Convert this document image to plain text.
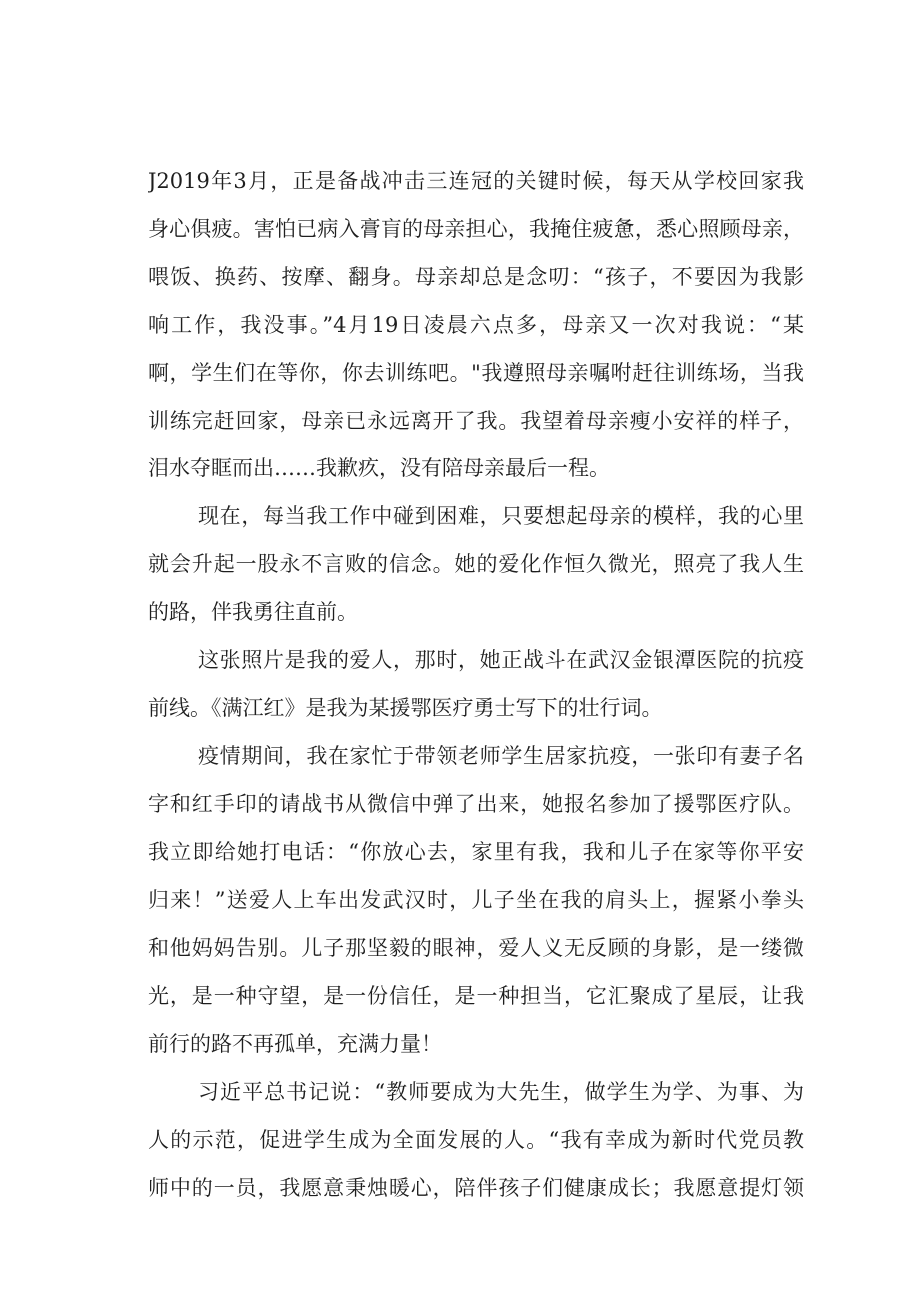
J2019年3月，正是备战冲击三连冠的关键时候，每天从学校回家我
身心俱疲。害怕已病入膏肓的母亲担心，我掩住疲惫，悉心照顾母亲，
喂饭、换药、按摩、翻身。母亲却总是念叨：“孩子，不要因为我影
响工作，我没事。”4月19日凌晨六点多，母亲又一次对我说：“某
啊，学生们在等你，你去训练吧。"我遵照母亲嘱咐赶往训练场，当我
训练完赶回家，母亲已永远离开了我。我望着母亲瘦小安祥的样子，
泪水夺眶而出……我歉疚，没有陪母亲最后一程。
现在，每当我工作中碰到困难，只要想起母亲的模样，我的心里
就会升起一股永不言败的信念。她的爱化作恒久微光，照亮了我人生
的路，伴我勇往直前。
这张照片是我的爱人，那时，她正战斗在武汉金银潭医院的抗疫
前线。《满江红》是我为某援鄂医疗勇士写下的壮行词。
疫情期间，我在家忙于带领老师学生居家抗疫，一张印有妻子名
字和红手印的请战书从微信中弹了出来，她报名参加了援鄂医疗队。
我立即给她打电话：“你放心去，家里有我，我和儿子在家等你平安
归来！”送爱人上车出发武汉时，儿子坐在我的肩头上，握紧小拳头
和他妈妈告别。儿子那坚毅的眼神，爱人义无反顾的身影，是一缕微
光，是一种守望，是一份信任，是一种担当，它汇聚成了星辰，让我
前行的路不再孤单，充满力量！
习近平总书记说：“教师要成为大先生，做学生为学、为事、为
人的示范，促进学生成为全面发展的人。“我有幸成为新时代党员教
师中的一员，我愿意秉烛暖心，陪伴孩子们健康成长；我愿意提灯领
